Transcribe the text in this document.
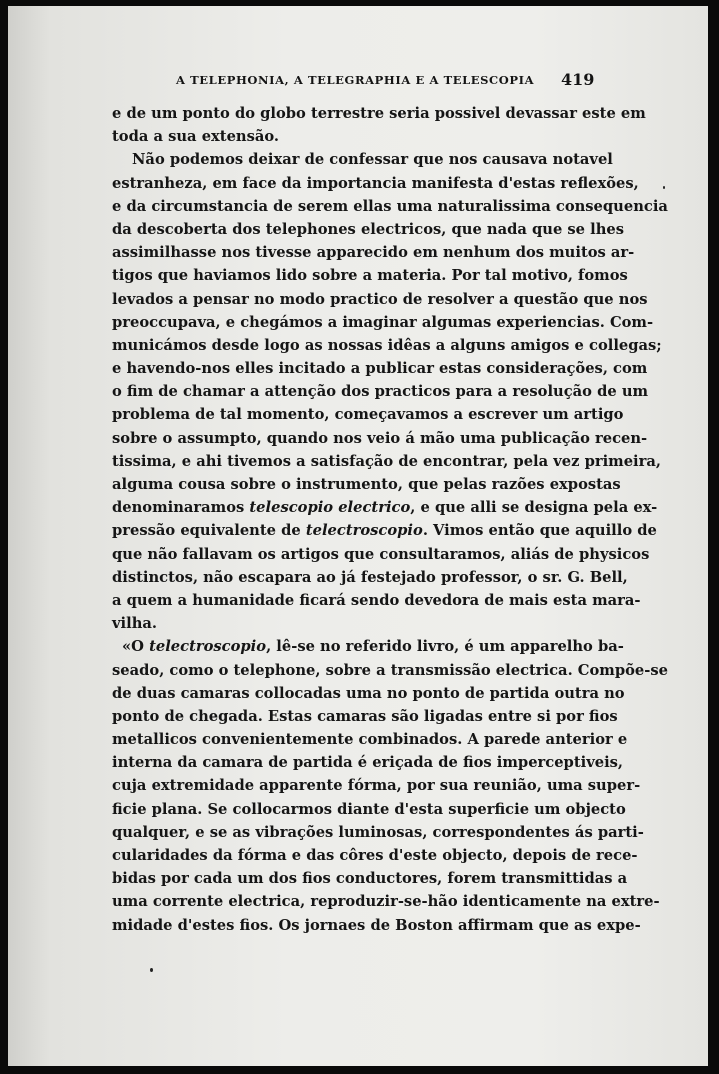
A TELEPHONIA, A TELEGRAPHIA E A TELESCOPIA 419
e de um ponto do globo terrestre seria possivel devassar este em
toda a sua extensão.
Não podemos deixar de confessar que nos causava notavel
estranheza, em face da importancia manifesta d'estas reflexões,
e da circumstancia de serem ellas uma naturalissima consequencia
da descoberta dos telephones electricos, que nada que se lhes
assimilhasse nos tivesse apparecido em nenhum dos muitos ar-
tigos que haviamos lido sobre a materia. Por tal motivo, fomos
levados a pensar no modo practico de resolver a questão que nos
preoccupava, e chegámos a imaginar algumas experiencias. Com-
municámos desde logo as nossas idêas a alguns amigos e collegas;
e havendo-nos elles incitado a publicar estas considerações, com
o fim de chamar a attenção dos practicos para a resolução de um
problema de tal momento, começavamos a escrever um artigo
sobre o assumpto, quando nos veio á mão uma publicação recen-
tissima, e ahi tivemos a satisfação de encontrar, pela vez primeira,
alguma cousa sobre o instrumento, que pelas razões expostas
denominaramos telescopio electrico, e que alli se designa pela ex-
pressão equivalente de telectroscopio. Vimos então que aquillo de
que não fallavam os artigos que consultaramos, aliás de physicos
distinctos, não escapara ao já festejado professor, o sr. G. Bell,
a quem a humanidade ficará sendo devedora de mais esta mara-
vilha.
«O telectroscopio, lê-se no referido livro, é um apparelho ba-
seado, como o telephone, sobre a transmissão electrica. Compõe-se
de duas camaras collocadas uma no ponto de partida outra no
ponto de chegada. Estas camaras são ligadas entre si por fios
metallicos convenientemente combinados. A parede anterior e
interna da camara de partida é eriçada de fios imperceptiveis,
cuja extremidade apparente fórma, por sua reunião, uma super-
ficie plana. Se collocarmos diante d'esta superficie um objecto
qualquer, e se as vibrações luminosas, correspondentes ás parti-
cularidades da fórma e das côres d'este objecto, depois de rece-
bidas por cada um dos fios conductores, forem transmittidas a
uma corrente electrica, reproduzir-se-hão identicamente na extre-
midade d'estes fios. Os jornaes de Boston affirmam que as expe-
